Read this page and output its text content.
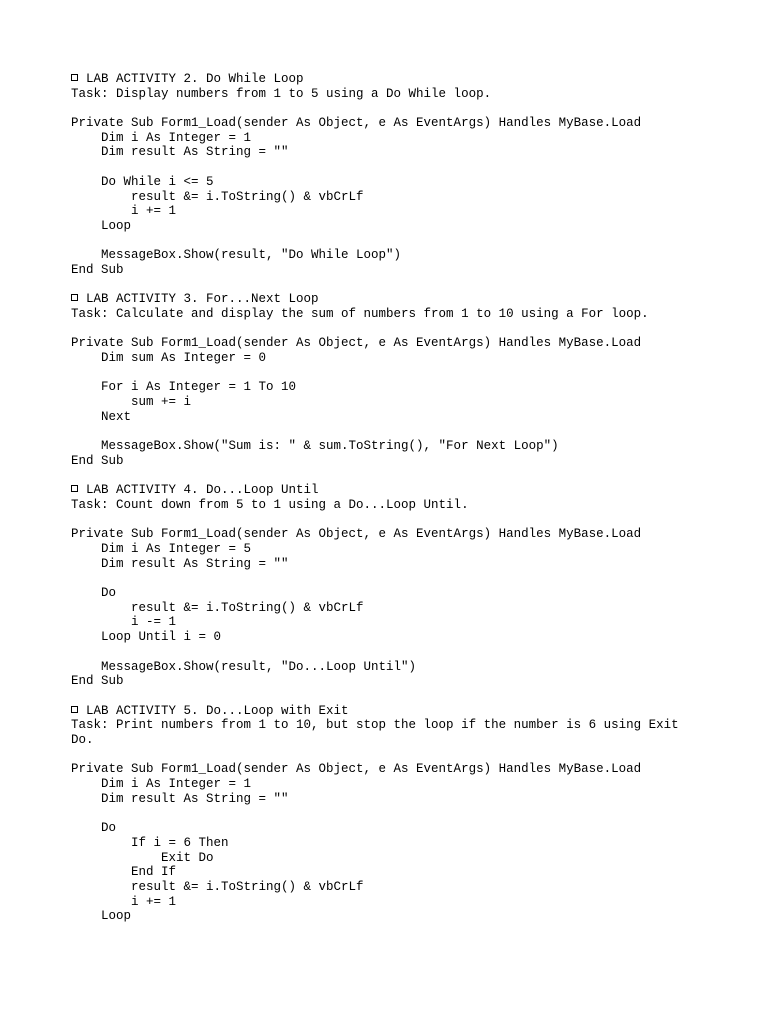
LAB ACTIVITY 2. Do While Loop
Task: Display numbers from 1 to 5 using a Do While loop.
Private Sub Form1_Load(sender As Object, e As EventArgs) Handles MyBase.Load
Dim i As Integer = 1
Dim result As String = ""
Do While i <= 5
result &= i.ToString() & vbCrLf
i += 1
Loop
MessageBox.Show(result, "Do While Loop")
End Sub
LAB ACTIVITY 3. For...Next Loop
Task: Calculate and display the sum of numbers from 1 to 10 using a For loop.
Private Sub Form1_Load(sender As Object, e As EventArgs) Handles MyBase.Load
Dim sum As Integer = 0
For i As Integer = 1 To 10
sum += i
Next
MessageBox.Show("Sum is: " & sum.ToString(), "For Next Loop")
End Sub
LAB ACTIVITY 4. Do...Loop Until
Task: Count down from 5 to 1 using a Do...Loop Until.
Private Sub Form1_Load(sender As Object, e As EventArgs) Handles MyBase.Load
Dim i As Integer = 5
Dim result As String = ""
Do
result &= i.ToString() & vbCrLf
i -= 1
Loop Until i = 0
MessageBox.Show(result, "Do...Loop Until")
End Sub
LAB ACTIVITY 5. Do...Loop with Exit
Task: Print numbers from 1 to 10, but stop the loop if the number is 6 using Exit
Do.
Private Sub Form1_Load(sender As Object, e As EventArgs) Handles MyBase.Load
Dim i As Integer = 1
Dim result As String = ""
Do
If i = 6 Then
Exit Do
End If
result &= i.ToString() & vbCrLf
i += 1
Loop
